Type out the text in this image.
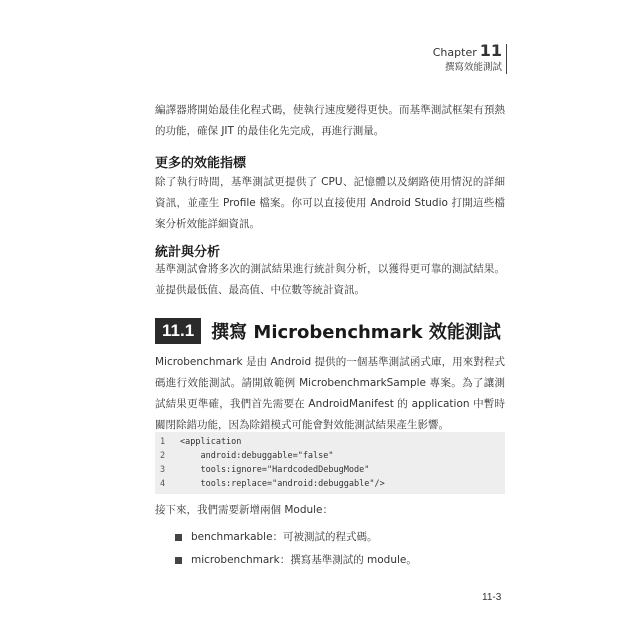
Chapter 11
撰寫效能測試
編譯器將開始最佳化程式碼，使執行速度變得更快。而基準測試框架有預熱的功能，確保 JIT 的最佳化先完成，再進行測量。
更多的效能指標
除了執行時間，基準測試更提供了 CPU、記憶體以及網路使用情況的詳細資訊，並產生 Profile 檔案。你可以直接使用 Android Studio 打開這些檔案分析效能詳細資訊。
統計與分析
基準測試會將多次的測試結果進行統計與分析，以獲得更可靠的測試結果。並提供最低值、最高值、中位數等統計資訊。
11.1 撰寫 Microbenchmark 效能測試
Microbenchmark 是由 Android 提供的一個基準測試函式庫，用來對程式碼進行效能測試。請開啟範例 MicrobenchmarkSample 專案。為了讓測試結果更準確，我們首先需要在 AndroidManifest 的 application 中暫時關閉除錯功能，因為除錯模式可能會對效能測試結果產生影響。
1	<application
2	android:debuggable="false"
3	tools:ignore="HardcodedDebugMode"
4	tools:replace="android:debuggable"/>
接下來，我們需要新增兩個 Module：
benchmarkable：可被測試的程式碼。
microbenchmark：撰寫基準測試的 module。
11-3
